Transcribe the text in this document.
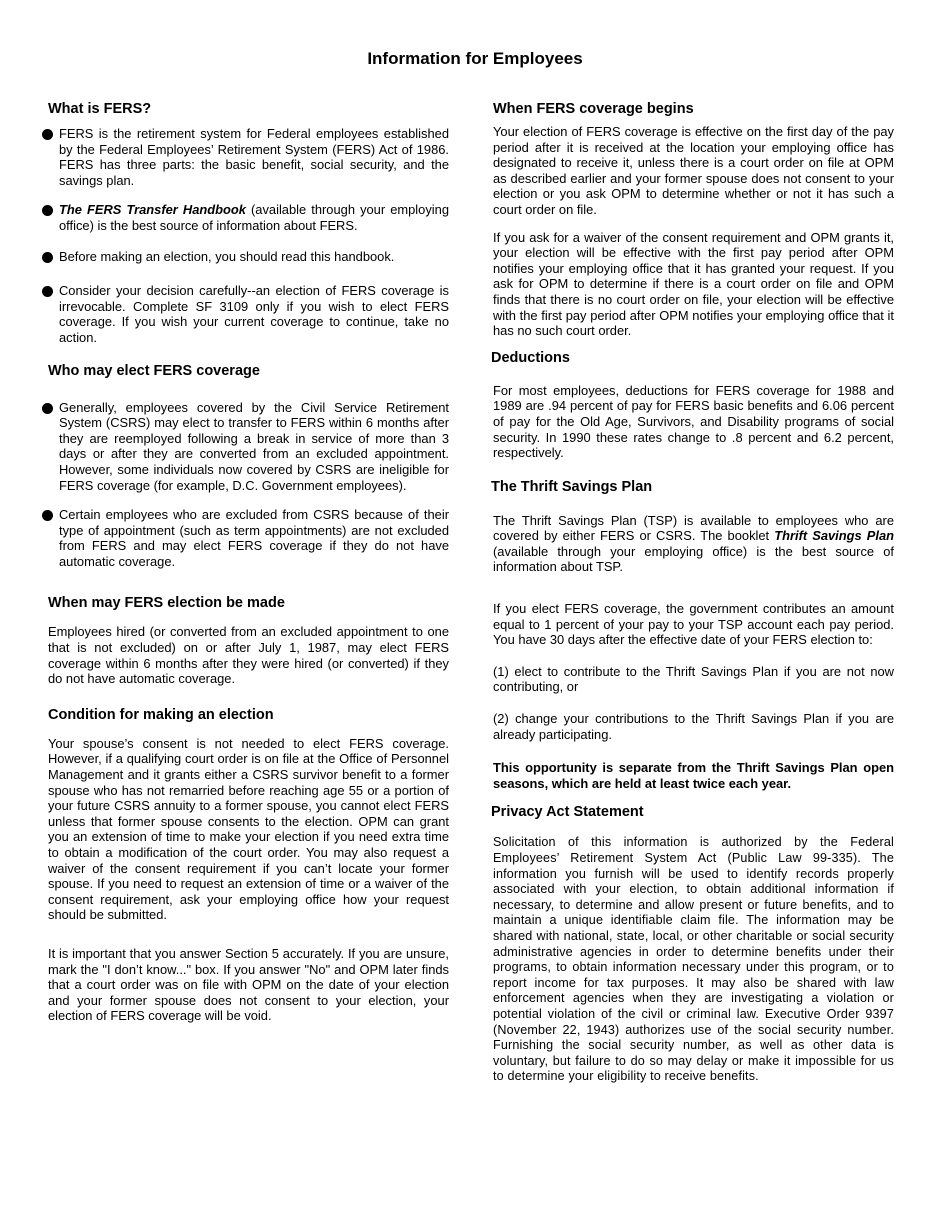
Information for Employees
What is FERS?

FERS is the retirement system for Federal employees established by the Federal Employees’ Retirement System (FERS) Act of 1986. FERS has three parts: the basic benefit, social security, and the savings plan.

The FERS Transfer Handbook (available through your employing office) is the best source of information about FERS.

Before making an election, you should read this handbook.

Consider your decision carefully--an election of FERS coverage is irrevocable. Complete SF 3109 only if you wish to elect FERS coverage. If you wish your current coverage to continue, take no action.

Who may elect FERS coverage

Generally, employees covered by the Civil Service Retirement System (CSRS) may elect to transfer to FERS within 6 months after they are reemployed following a break in service of more than 3 days or after they are converted from an excluded appointment. However, some individuals now covered by CSRS are ineligible for FERS coverage (for example, D.C. Government employees).

Certain employees who are excluded from CSRS because of their type of appointment (such as term appointments) are not excluded from FERS and may elect FERS coverage if they do not have automatic coverage.

When may FERS election be made

Employees hired (or converted from an excluded appointment to one that is not excluded) on or after July 1, 1987, may elect FERS coverage within 6 months after they were hired (or converted) if they do not have automatic coverage.

Condition for making an election

Your spouse’s consent is not needed to elect FERS coverage. However, if a qualifying court order is on file at the Office of Personnel Management and it grants either a CSRS survivor benefit to a former spouse who has not remarried before reaching age 55 or a portion of your future CSRS annuity to a former spouse, you cannot elect FERS unless that former spouse consents to the election. OPM can grant you an extension of time to make your election if you need extra time to obtain a modification of the court order. You may also request a waiver of the consent requirement if you can’t locate your former spouse. If you need to request an extension of time or a waiver of the consent requirement, ask your employing office how your request should be submitted.

It is important that you answer Section 5 accurately. If you are unsure, mark the "I don’t know..." box. If you answer "No" and OPM later finds that a court order was on file with OPM on the date of your election and your former spouse does not consent to your election, your election of FERS coverage will be void.

When FERS coverage begins

Your election of FERS coverage is effective on the first day of the pay period after it is received at the location your employing office has designated to receive it, unless there is a court order on file at OPM as described earlier and your former spouse does not consent to your election or you ask OPM to determine whether or not it has such a court order on file.

If you ask for a waiver of the consent requirement and OPM grants it, your election will be effective with the first pay period after OPM notifies your employing office that it has granted your request. If you ask for OPM to determine if there is a court order on file and OPM finds that there is no court order on file, your election will be effective with the first pay period after OPM notifies your employing office that it has no such court order.

Deductions

For most employees, deductions for FERS coverage for 1988 and 1989 are .94 percent of pay for FERS basic benefits and 6.06 percent of pay for the Old Age, Survivors, and Disability programs of social security. In 1990 these rates change to .8 percent and 6.2 percent, respectively.

The Thrift Savings Plan

The Thrift Savings Plan (TSP) is available to employees who are covered by either FERS or CSRS. The booklet Thrift Savings Plan (available through your employing office) is the best source of information about TSP.

If you elect FERS coverage, the government contributes an amount equal to 1 percent of your pay to your TSP account each pay period. You have 30 days after the effective date of your FERS election to:

(1) elect to contribute to the Thrift Savings Plan if you are not now contributing, or

(2) change your contributions to the Thrift Savings Plan if you are already participating.

This opportunity is separate from the Thrift Savings Plan open seasons, which are held at least twice each year.

Privacy Act Statement

Solicitation of this information is authorized by the Federal Employees’ Retirement System Act (Public Law 99-335). The information you furnish will be used to identify records properly associated with your election, to obtain additional information if necessary, to determine and allow present or future benefits, and to maintain a unique identifiable claim file. The information may be shared with national, state, local, or other charitable or social security administrative agencies in order to determine benefits under their programs, to obtain information necessary under this program, or to report income for tax purposes. It may also be shared with law enforcement agencies when they are investigating a violation or potential violation of the civil or criminal law. Executive Order 9397 (November 22, 1943) authorizes use of the social security number. Furnishing the social security number, as well as other data is voluntary, but failure to do so may delay or make it impossible for us to determine your eligibility to receive benefits.
